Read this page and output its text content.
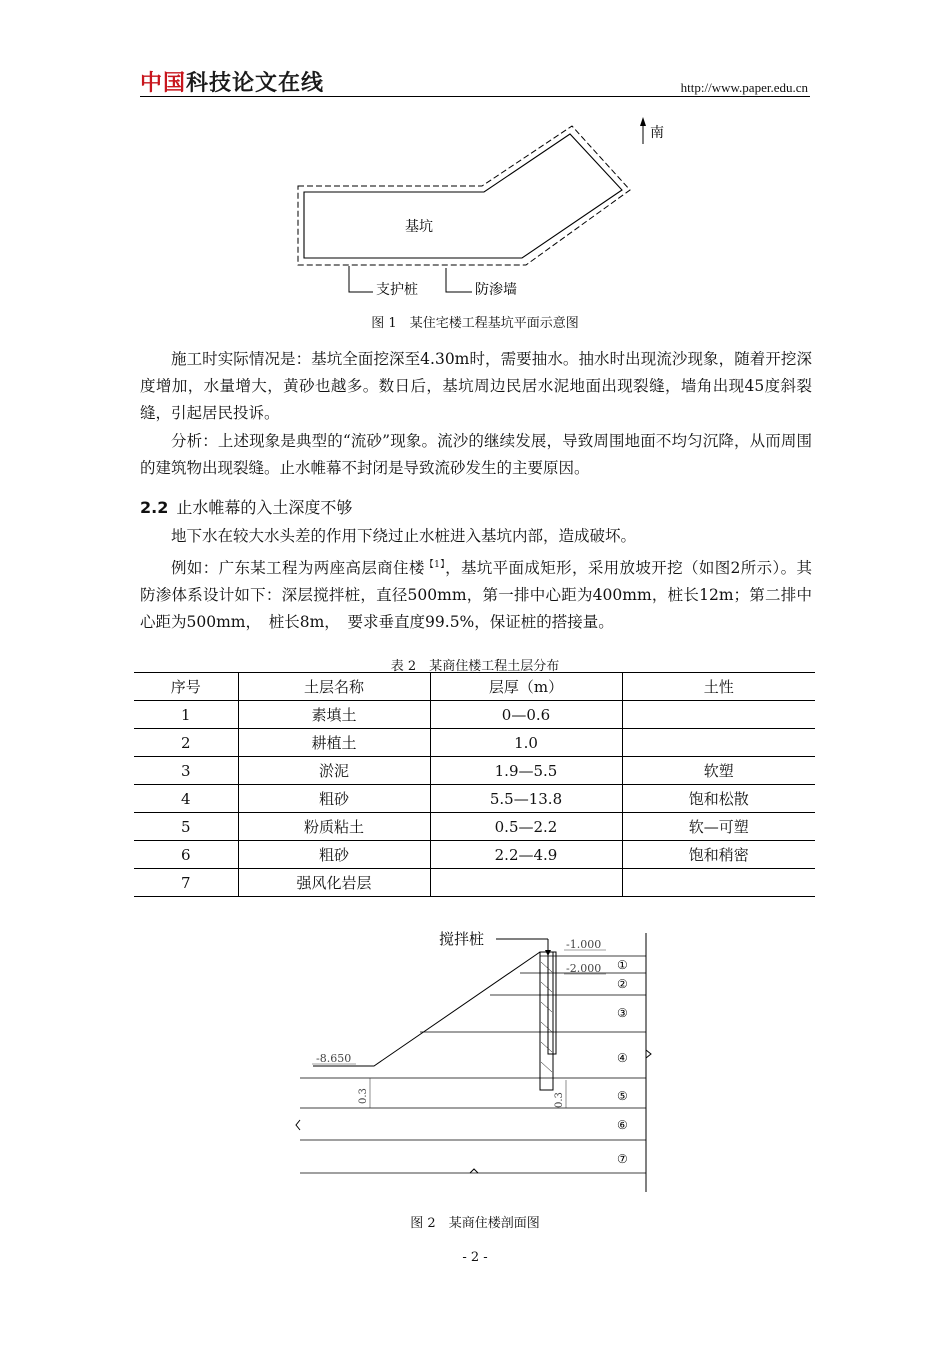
中国科技论文在线	http://www.paper.edu.cn
南
基坑
支护桩	防渗墙
图 1　某住宅楼工程基坑平面示意图

施工时实际情况是：基坑全面挖深至4.30m时，需要抽水。抽水时出现流沙现象，随着开挖深度增加，水量增大，黄砂也越多。数日后，基坑周边民居水泥地面出现裂缝，墙角出现45度斜裂缝，引起居民投诉。

分析：上述现象是典型的“流砂”现象。流沙的继续发展，导致周围地面不均匀沉降，从而周围的建筑物出现裂缝。止水帷幕不封闭是导致流砂发生的主要原因。

2.2 止水帷幕的入土深度不够

地下水在较大水头差的作用下绕过止水桩进入基坑内部，造成破坏。

例如：广东某工程为两座高层商住楼$^{【1】}$，基坑平面成矩形，采用放坡开挖（如图2所示）。其防渗体系设计如下：深层搅拌桩，直径500mm，第一排中心距为400mm，桩长12m；第二排中心距为500mm，　桩长8m，　要求垂直度99.5%，保证桩的搭接量。

表 2　某商住楼工程土层分布
序号	土层名称	层厚（m）	土性
1	素填土	0—0.6	
2	耕植土	1.0	
3	淤泥	1.9—5.5	软塑
4	粗砂	5.5—13.8	饱和松散
5	粉质粘土	0.5—2.2	软—可塑
6	粗砂	2.2—4.9	饱和稍密
7	强风化岩层		
搅拌桩	-1.000
-2.000
-8.650
0.3	0.3
①
②
③
④
⑤
⑥
⑦
图 2　某商住楼剖面图
- 2 -
